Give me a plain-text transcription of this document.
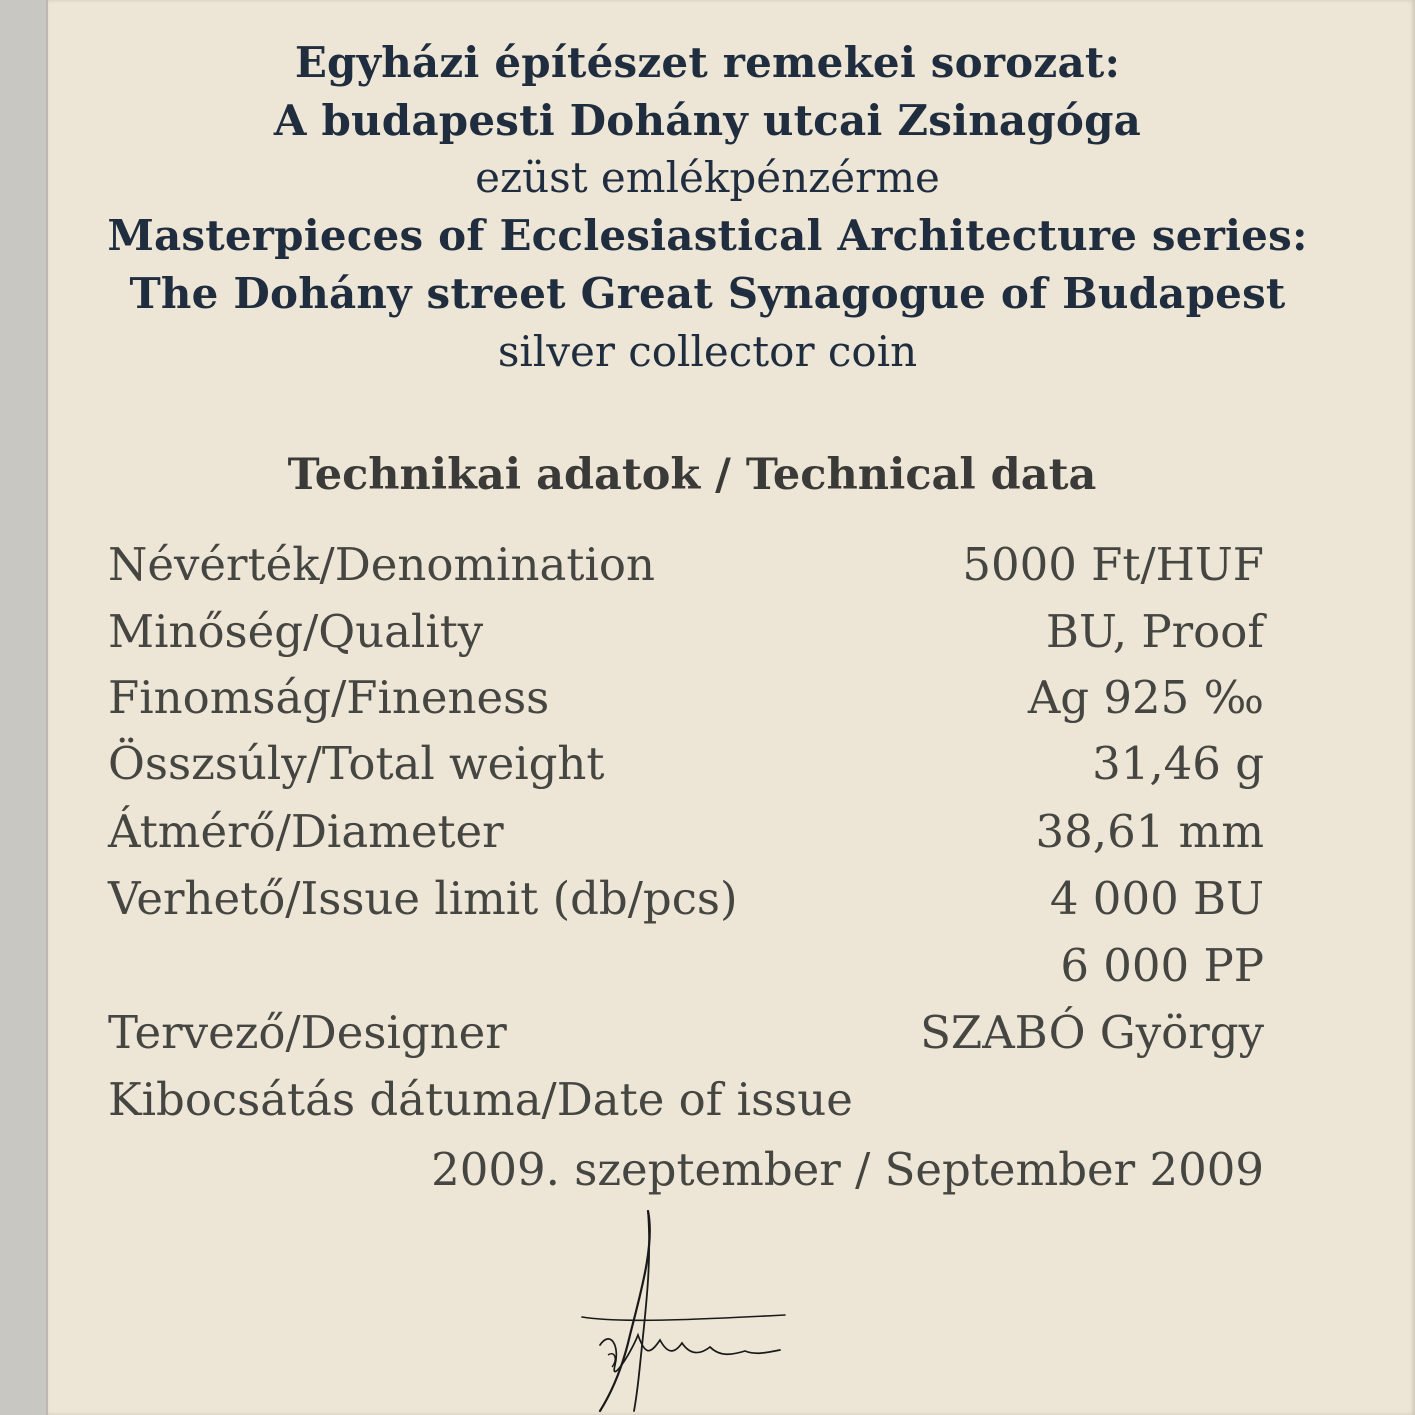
Egyházi építészet remekei sorozat:
A budapesti Dohány utcai Zsinagóga
ezüst emlékpénzérme
Masterpieces of Ecclesiastical Architecture series:
The Dohány street Great Synagogue of Budapest
silver collector coin
Technikai adatok / Technical data
Névérték/Denomination	5000 Ft/HUF
Minőség/Quality	BU, Proof
Finomság/Fineness	Ag 925 ‰
Összsúly/Total weight	31,46 g
Átmérő/Diameter	38,61 mm
Verhető/Issue limit (db/pcs)	4 000 BU
6 000 PP
Tervező/Designer	SZABÓ György
Kibocsátás dátuma/Date of issue
2009. szeptember / September 2009
